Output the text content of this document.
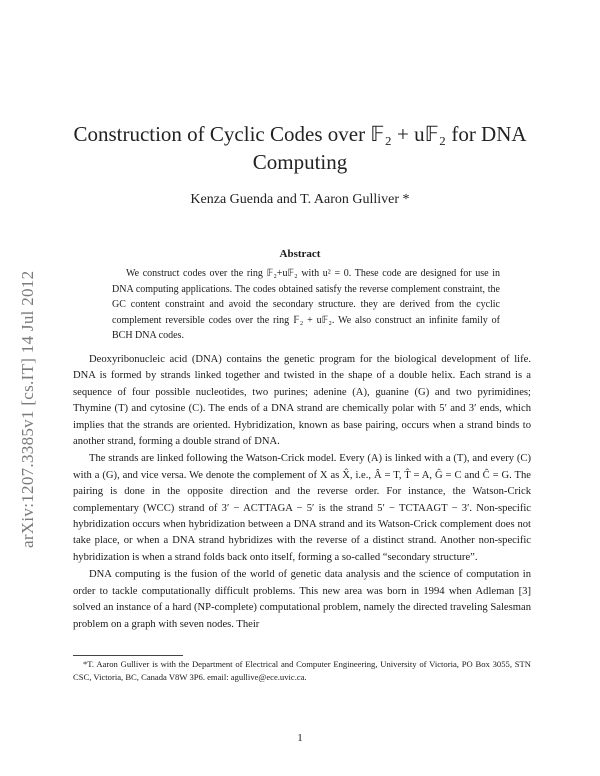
arXiv:1207.3385v1 [cs.IT] 14 Jul 2012
Construction of Cyclic Codes over 𝔽₂ + u𝔽₂ for DNA Computing
Kenza Guenda and T. Aaron Gulliver *
Abstract
We construct codes over the ring 𝔽₂+u𝔽₂ with u² = 0. These code are designed for use in DNA computing applications. The codes obtained satisfy the reverse complement constraint, the GC content constraint and avoid the secondary structure. they are derived from the cyclic complement reversible codes over the ring 𝔽₂ + u𝔽₂. We also construct an infinite family of BCH DNA codes.

Deoxyribonucleic acid (DNA) contains the genetic program for the biological development of life. DNA is formed by strands linked together and twisted in the shape of a double helix. Each strand is a sequence of four possible nucleotides, two purines; adenine (A), guanine (G) and two pyrimidines; Thymine (T) and cytosine (C). The ends of a DNA strand are chemically polar with 5′ and 3′ ends, which implies that the strands are oriented. Hybridization, known as base pairing, occurs when a strand binds to another strand, forming a double strand of DNA.

The strands are linked following the Watson-Crick model. Every (A) is linked with a (T), and every (C) with a (G), and vice versa. We denote the complement of X as X̂, i.e., Â = T, T̂ = A, Ĝ = C and Ĉ = G. The pairing is done in the opposite direction and the reverse order. For instance, the Watson-Crick complementary (WCC) strand of 3′ − ACTTAGA − 5′ is the strand 5′ − TCTAAGT − 3′. Non-specific hybridization occurs when hybridization between a DNA strand and its Watson-Crick complement does not take place, or when a DNA strand hybridizes with the reverse of a distinct strand. Another non-specific hybridization is when a strand folds back onto itself, forming a so-called “secondary structure”.

DNA computing is the fusion of the world of genetic data analysis and the science of computation in order to tackle computationally difficult problems. This new area was born in 1994 when Adleman [3] solved an instance of a hard (NP-complete) computational problem, namely the directed traveling Salesman problem on a graph with seven nodes. Their

*T. Aaron Gulliver is with the Department of Electrical and Computer Engineering, University of Victoria, PO Box 3055, STN CSC, Victoria, BC, Canada V8W 3P6. email: agullive@ece.uvic.ca.
1
